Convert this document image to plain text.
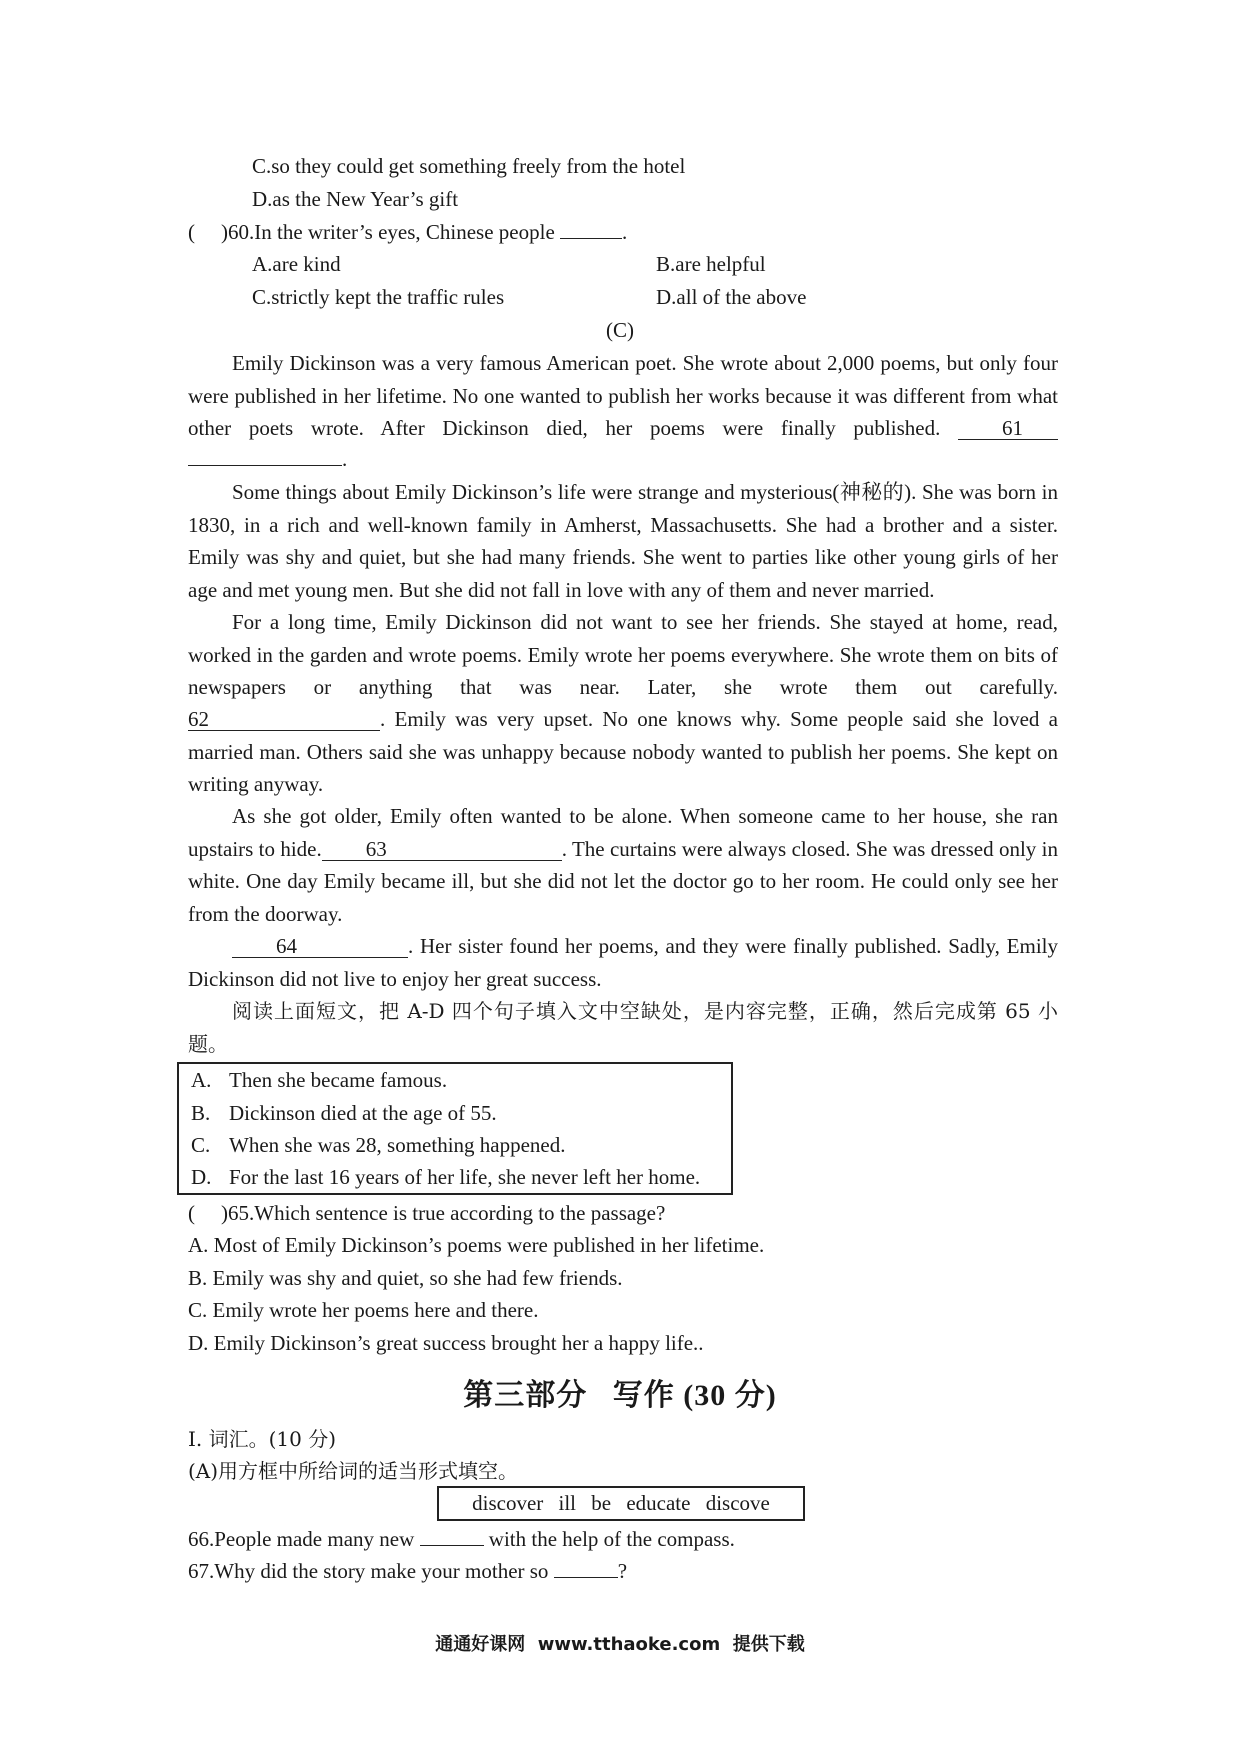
C.so they could get something freely from the hotel
D.as the New Year’s gift
( )60.In the writer’s eyes, Chinese people	.
A.are kind	B.are helpful
C.strictly kept the traffic rules	D.all of the above
(C)
Emily Dickinson was a very famous American poet. She wrote about 2,000 poems, but only four were published in her lifetime. No one wanted to publish her works because it was different from what other poets wrote. After Dickinson died, her poems were finally published.	61
.
Some things about Emily Dickinson’s life were strange and mysterious(神秘的). She was born in 1830, in a rich and well-known family in Amherst, Massachusetts. She had a brother and a sister. Emily was shy and quiet, but she had many friends. She went to parties like other young girls of her age and met young men. But she did not fall in love with any of them and never married.
For a long time, Emily Dickinson did not want to see her friends. She stayed at home, read, worked in the garden and wrote poems. Emily wrote her poems everywhere. She wrote them on bits of newspapers or anything that was near. Later, she wrote them out carefully.
62	. Emily was very upset. No one knows why. Some people said she loved a married man. Others said she was unhappy because nobody wanted to publish her poems. She kept on writing anyway.
As she got older, Emily often wanted to be alone. When someone came to her house, she ran upstairs to hide. 63	. The curtains were always closed. She was dressed only in white. One day Emily became ill, but she did not let the doctor go to her room. He could only see her from the doorway.
64	. Her sister found her poems, and they were finally published. Sadly, Emily Dickinson did not live to enjoy her great success.
阅读上面短文，把 A-D 四个句子填入文中空缺处，是内容完整，正确，然后完成第 65 小题。
A. Then she became famous.
B. Dickinson died at the age of 55.
C. When she was 28, something happened.
D. For the last 16 years of her life, she never left her home.
( )65.Which sentence is true according to the passage?
A. Most of Emily Dickinson’s poems were published in her lifetime.
B. Emily was shy and quiet, so she had few friends.
C. Emily wrote her poems here and there.
D. Emily Dickinson’s great success brought her a happy life..
第三部分   写作 (30 分)
Ⅰ. 词汇。(10 分)
(A)用方框中所给词的适当形式填空。
discover ill be educate discove
66.People made many new	with the help of the compass.
67.Why did the story make your mother so	?
通通好课网  www.tthaoke.com  提供下载
